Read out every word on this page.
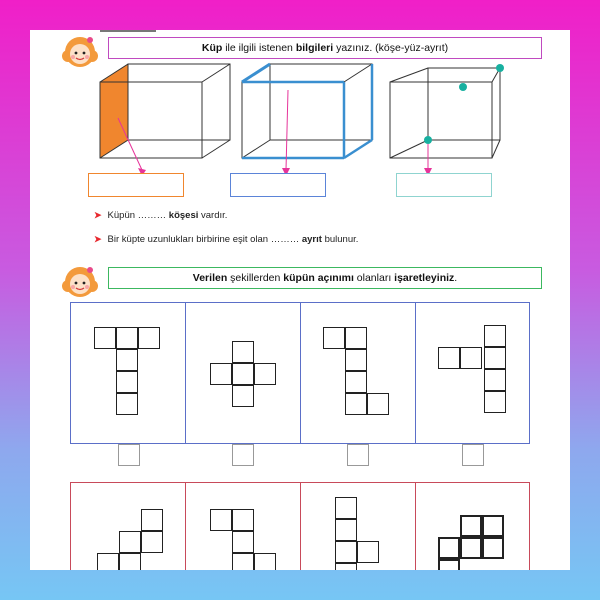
Küp ile ilgili istenen bilgileri yazınız. (köşe-yüz-ayrıt)
➤ Küpün ……… köşesi vardır.
➤ Bir küpte uzunlukları birbirine eşit olan ……… ayrıt bulunur.
Verilen şekillerden küpün açınımı olanları işaretleyiniz.
